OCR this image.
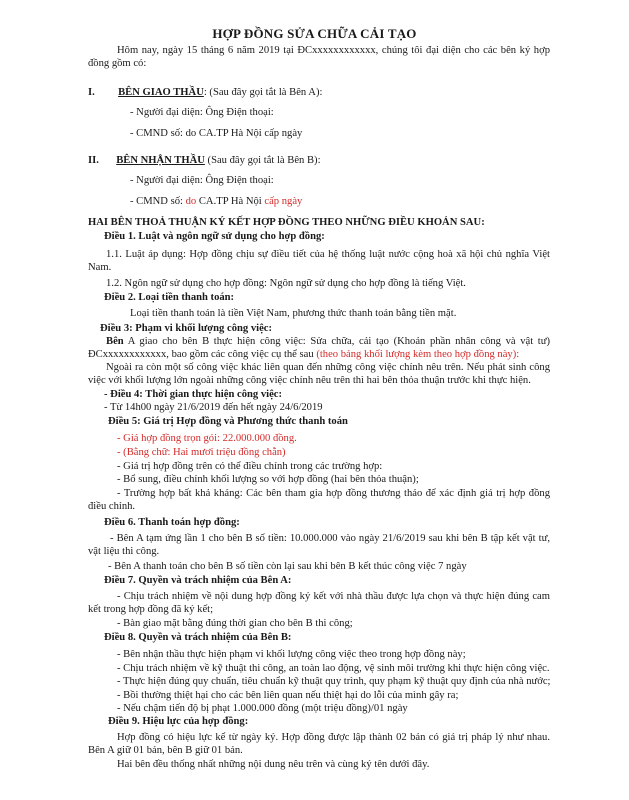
HỢP ĐỒNG SỬA CHỮA CẢI TẠO
Hôm nay, ngày 15 tháng 6 năm 2019 tại ĐCxxxxxxxxxxxx, chúng tôi đại diện cho các bên ký hợp đồng gồm có:
I. BÊN GIAO THẦU: (Sau đây gọi tắt là Bên A):
- Người đại diện: Ông Điện thoại:
- CMND số: do CA.TP Hà Nội cấp ngày
II. BÊN NHẬN THẦU (Sau đây gọi tắt là Bên B):
- Người đại diện: Ông Điện thoại:
- CMND số: do CA.TP Hà Nội cấp ngày
HAI BÊN THOẢ THUẬN KÝ KẾT HỢP ĐỒNG THEO NHỮNG ĐIỀU KHOẢN SAU:
Điều 1. Luật và ngôn ngữ sử dụng cho hợp đồng:
1.1. Luật áp dụng: Hợp đồng chịu sự điều tiết của hệ thống luật nước cộng hoà xã hội chủ nghĩa Việt Nam.
1.2. Ngôn ngữ sử dụng cho hợp đồng: Ngôn ngữ sử dụng cho hợp đồng là tiếng Việt.
Điều 2. Loại tiền thanh toán:
Loại tiền thanh toán là tiền Việt Nam, phương thức thanh toán bằng tiền mặt.
Điều 3: Phạm vi khối lượng công việc:
Bên A giao cho bên B thực hiện công việc: Sửa chữa, cải tạo (Khoản phần nhân công và vật tư) ĐCxxxxxxxxxxxx, bao gồm các công việc cụ thể sau (theo bảng khối lượng kèm theo hợp đồng này):
Ngoài ra còn một số công việc khác liên quan đến những công việc chính nêu trên. Nếu phát sinh công việc với khối lượng lớn ngoài những công việc chính nêu trên thì hai bên thỏa thuận trước khi thực hiện.
- Điều 4: Thời gian thực hiện công việc:
- Từ 14h00 ngày 21/6/2019 đến hết ngày 24/6/2019
Điều 5: Giá trị Hợp đồng và Phương thức thanh toán
- Giá hợp đồng trọn gói: 22.000.000 đồng.
- (Bằng chữ: Hai mươi triệu đồng chẵn)
- Giá trị hợp đồng trên có thể điều chỉnh trong các trường hợp:
- Bổ sung, điều chỉnh khối lượng so với hợp đồng (hai bên thỏa thuận);
- Trường hợp bất khả kháng: Các bên tham gia hợp đồng thương thảo để xác định giá trị hợp đồng điều chỉnh.
Điều 6. Thanh toán hợp đồng:
- Bên A tạm ứng lần 1 cho bên B số tiền: 10.000.000 vào ngày 21/6/2019 sau khi bên B tập kết vật tư, vật liệu thi công.
- Bên A thanh toán cho bên B số tiền còn lại sau khi bên B kết thúc công việc 7 ngày
Điều 7. Quyền và trách nhiệm của Bên A:
- Chịu trách nhiệm về nội dung hợp đồng ký kết với nhà thầu được lựa chọn và thực hiện đúng cam kết trong hợp đồng đã ký kết;
- Bàn giao mặt bằng đúng thời gian cho bên B thi công;
Điều 8. Quyền và trách nhiệm của Bên B:
- Bên nhận thầu thực hiện phạm vi khối lượng công việc theo trong hợp đồng này;
- Chịu trách nhiệm về kỹ thuật thi công, an toàn lao động, vệ sinh môi trường khi thực hiện công việc.
- Thực hiện đúng quy chuẩn, tiêu chuẩn kỹ thuật quy trình, quy phạm kỹ thuật quy định của nhà nước;
- Bồi thường thiệt hại cho các bên liên quan nếu thiệt hại do lỗi của mình gây ra;
- Nếu chậm tiến độ bị phạt 1.000.000 đồng (một triệu đồng)/01 ngày
Điều 9. Hiệu lực của hợp đồng:
Hợp đồng có hiệu lực kể từ ngày ký. Hợp đồng được lập thành 02 bản có giá trị pháp lý như nhau. Bên A giữ 01 bản, bên B giữ 01 bản.
Hai bên đều thống nhất những nội dung nêu trên và cùng ký tên dưới đây.
